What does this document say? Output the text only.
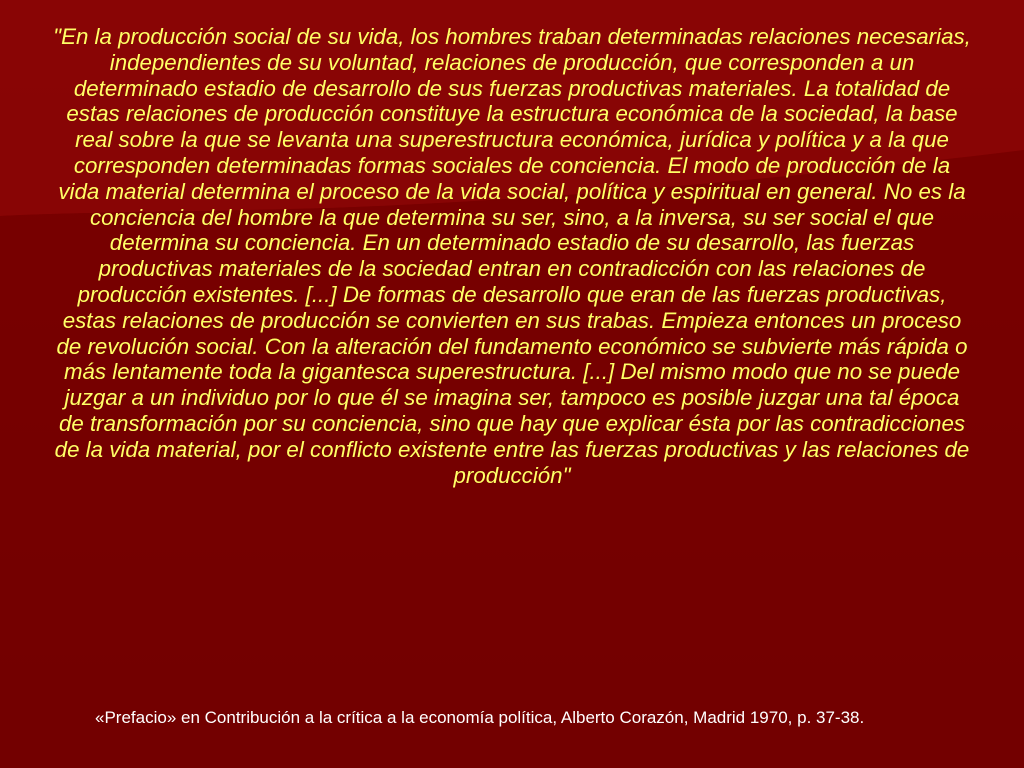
"En la producción social de su vida, los hombres traban determinadas relaciones necesarias, independientes de su voluntad, relaciones de producción, que corresponden a un determinado estadio de desarrollo de sus fuerzas productivas materiales. La totalidad de estas relaciones de producción constituye la estructura económica de la sociedad, la base real sobre la que se levanta una superestructura económica, jurídica y política y a la que corresponden determinadas formas sociales de conciencia. El modo de producción de la vida material determina el proceso de la vida social, política y espiritual en general. No es la conciencia del hombre la que determina su ser, sino, a la inversa, su ser social el que determina su conciencia. En un determinado estadio de su desarrollo, las fuerzas productivas materiales de la sociedad entran en contradicción con las relaciones de producción existentes. [...] De formas de desarrollo que eran de las fuerzas productivas, estas relaciones de producción se convierten en sus trabas. Empieza entonces un proceso de revolución social. Con la alteración del fundamento económico se subvierte más rápida o más lentamente toda la gigantesca superestructura. [...] Del mismo modo que no se puede juzgar a un individuo por lo que él se imagina ser, tampoco es posible juzgar una tal época de transformación por su conciencia, sino que hay que explicar ésta por las contradicciones de la vida material, por el conflicto existente entre las fuerzas productivas y las relaciones de producción"

«Prefacio» en Contribución a la crítica a la economía política, Alberto Corazón, Madrid 1970, p. 37-38.
